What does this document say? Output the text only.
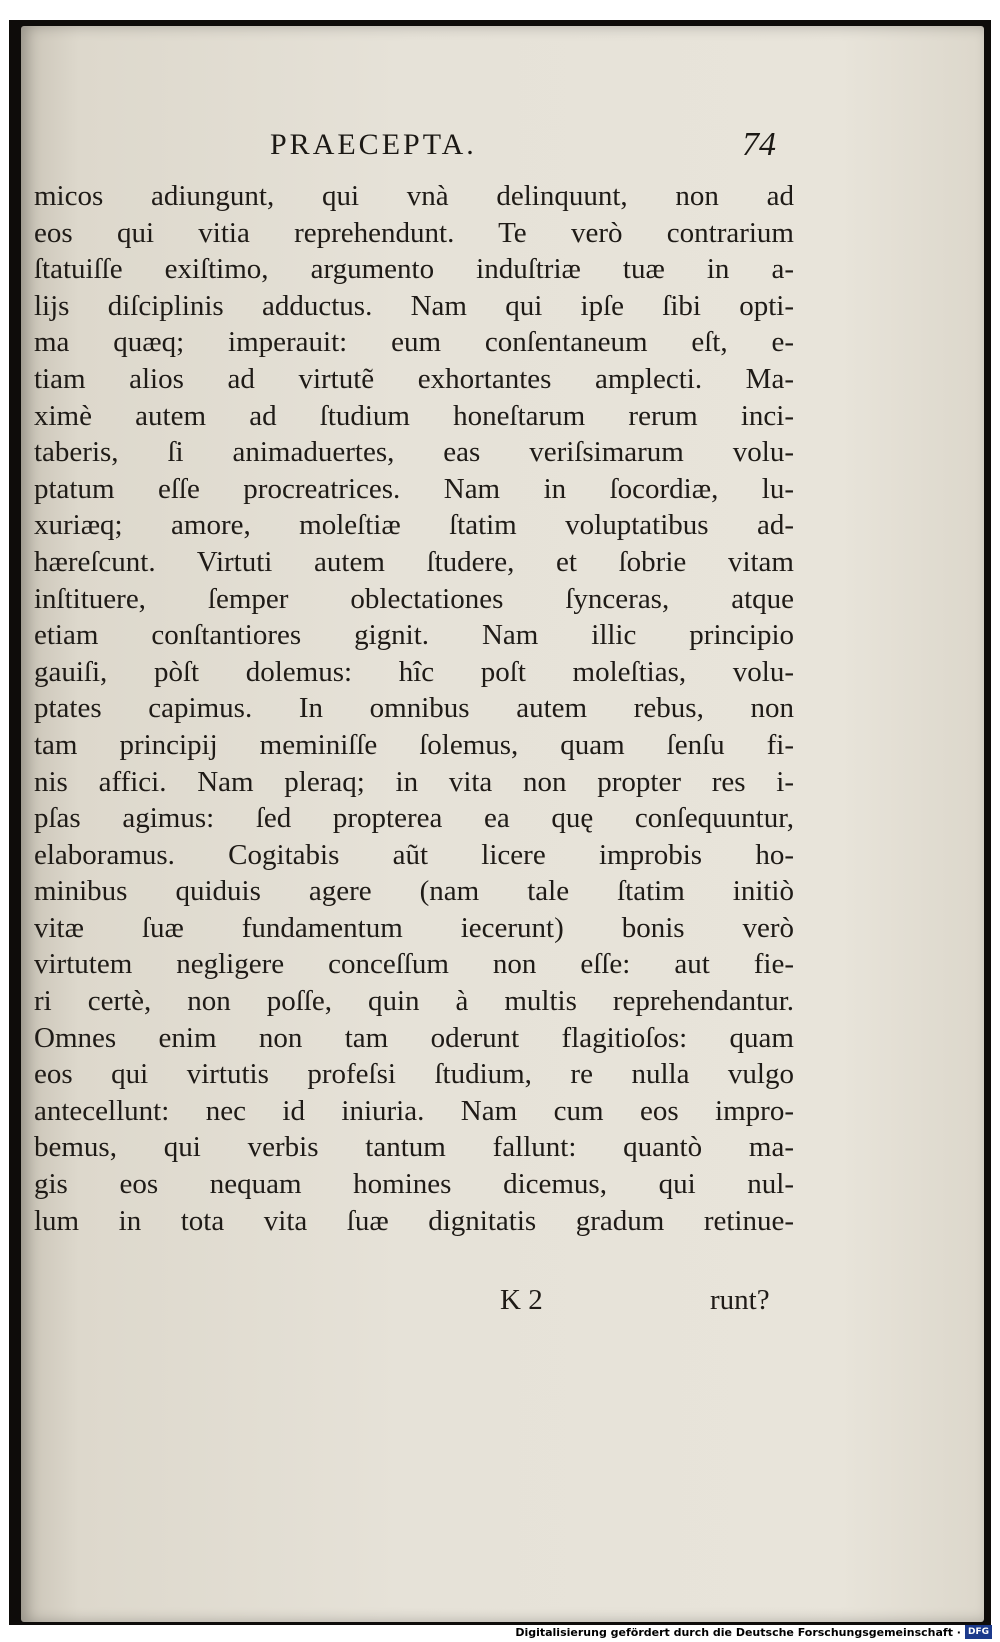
PRAECEPTA.	74
micos adiungunt, qui vnà delinquunt, non ad
eos qui vitia reprehendunt. Te verò contrarium
ſtatuiſſe exiſtimo, argumento induſtriæ tuæ in a-
lijs diſciplinis adductus. Nam qui ipſe ſibi opti-
ma quæq; imperauit: eum conſentaneum eſt, e-
tiam alios ad virtutẽ exhortantes amplecti. Ma-
ximè autem ad ſtudium honeſtarum rerum inci-
taberis, ſi animaduertes, eas veriſsimarum volu-
ptatum eſſe procreatrices. Nam in ſocordiæ, lu-
xuriæq; amore, moleſtiæ ſtatim voluptatibus ad-
hæreſcunt. Virtuti autem ſtudere, et ſobrie vitam
inſtituere, ſemper oblectationes ſynceras, atque
etiam conſtantiores gignit. Nam illic principio
gauiſi, pòſt dolemus: hîc poſt moleſtias, volu-
ptates capimus. In omnibus autem rebus, non
tam principij meminiſſe ſolemus, quam ſenſu fi-
nis affici. Nam pleraq; in vita non propter res i-
pſas agimus: ſed propterea ea quę conſequuntur,
elaboramus. Cogitabis aũt licere improbis ho-
minibus quiduis agere (nam tale ſtatim initiò
vitæ ſuæ fundamentum iecerunt) bonis verò
virtutem negligere conceſſum non eſſe: aut fie-
ri certè, non poſſe, quin à multis reprehendantur.
Omnes enim non tam oderunt flagitioſos: quam
eos qui virtutis profeſsi ſtudium, re nulla vulgo
antecellunt: nec id iniuria. Nam cum eos impro-
bemus, qui verbis tantum fallunt: quantò ma-
gis eos nequam homines dicemus, qui nul-
lum in tota vita ſuæ dignitatis gradum retinue-
K 2	runt?
Digitalisierung gefördert durch die Deutsche Forschungsgemeinschaft · DFG
